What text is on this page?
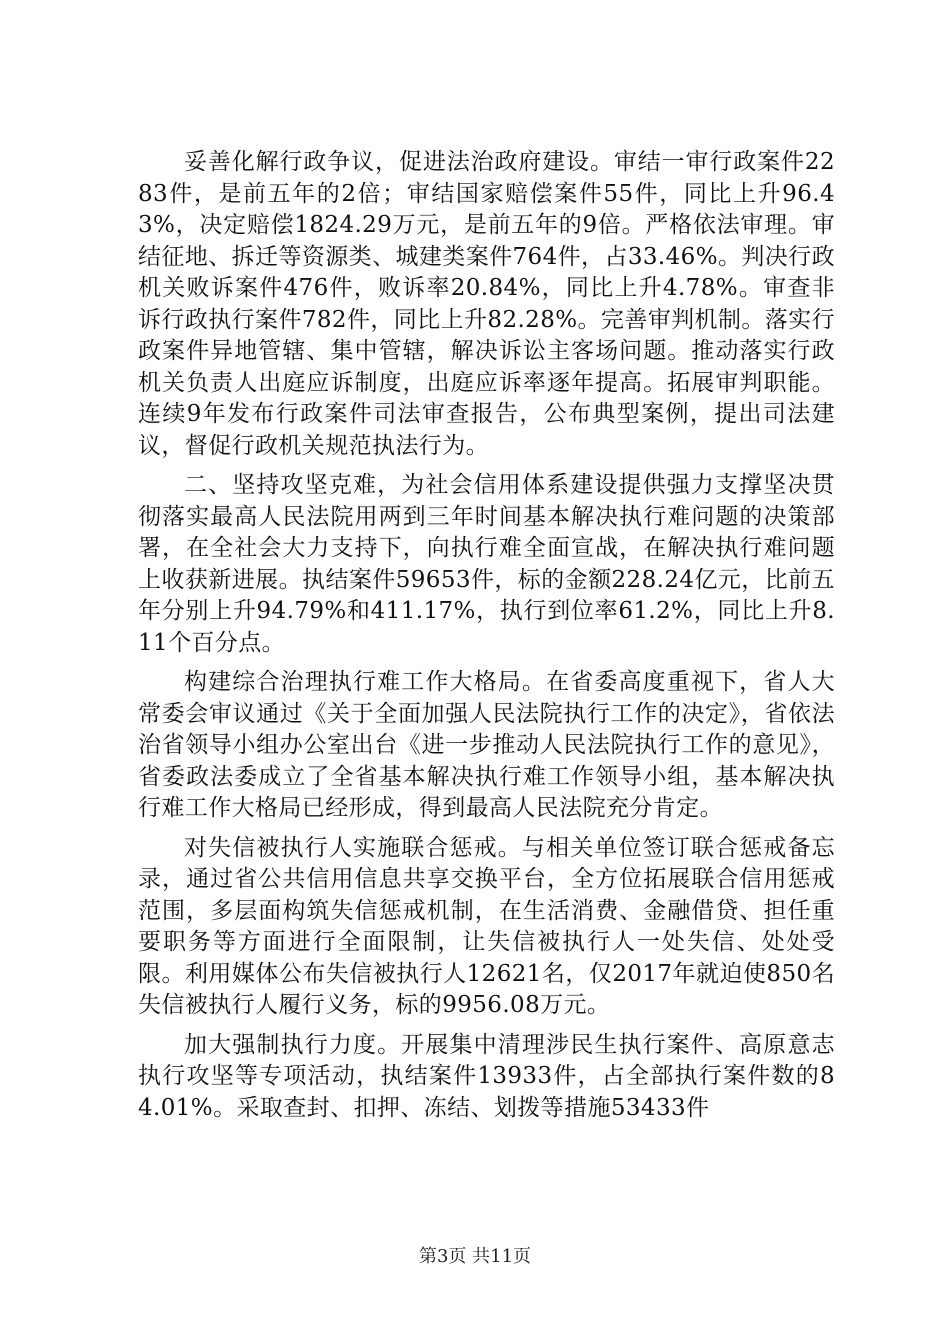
妥善化解行政争议，促进法治政府建设。审结一审行政案件2283件，是前五年的2倍；审结国家赔偿案件55件，同比上升96.43%，决定赔偿1824.29万元，是前五年的9倍。严格依法审理。审结征地、拆迁等资源类、城建类案件764件，占33.46%。判决行政机关败诉案件476件，败诉率20.84%，同比上升4.78%。审查非诉行政执行案件782件，同比上升82.28%。完善审判机制。落实行政案件异地管辖、集中管辖，解决诉讼主客场问题。推动落实行政机关负责人出庭应诉制度，出庭应诉率逐年提高。拓展审判职能。连续9年发布行政案件司法审查报告，公布典型案例，提出司法建议，督促行政机关规范执法行为。

二、坚持攻坚克难，为社会信用体系建设提供强力支撑坚决贯彻落实最高人民法院用两到三年时间基本解决执行难问题的决策部署，在全社会大力支持下，向执行难全面宣战，在解决执行难问题上收获新进展。执结案件59653件，标的金额228.24亿元，比前五年分别上升94.79%和411.17%，执行到位率61.2%，同比上升8.11个百分点。

构建综合治理执行难工作大格局。在省委高度重视下，省人大常委会审议通过《关于全面加强人民法院执行工作的决定》，省依法治省领导小组办公室出台《进一步推动人民法院执行工作的意见》，省委政法委成立了全省基本解决执行难工作领导小组，基本解决执行难工作大格局已经形成，得到最高人民法院充分肯定。

对失信被执行人实施联合惩戒。与相关单位签订联合惩戒备忘录，通过省公共信用信息共享交换平台，全方位拓展联合信用惩戒范围，多层面构筑失信惩戒机制，在生活消费、金融借贷、担任重要职务等方面进行全面限制，让失信被执行人一处失信、处处受限。利用媒体公布失信被执行人12621名，仅2017年就迫使850名失信被执行人履行义务，标的9956.08万元。

加大强制执行力度。开展集中清理涉民生执行案件、高原意志执行攻坚等专项活动，执结案件13933件，占全部执行案件数的84.01%。采取查封、扣押、冻结、划拨等措施53433件

第3页 共11页
